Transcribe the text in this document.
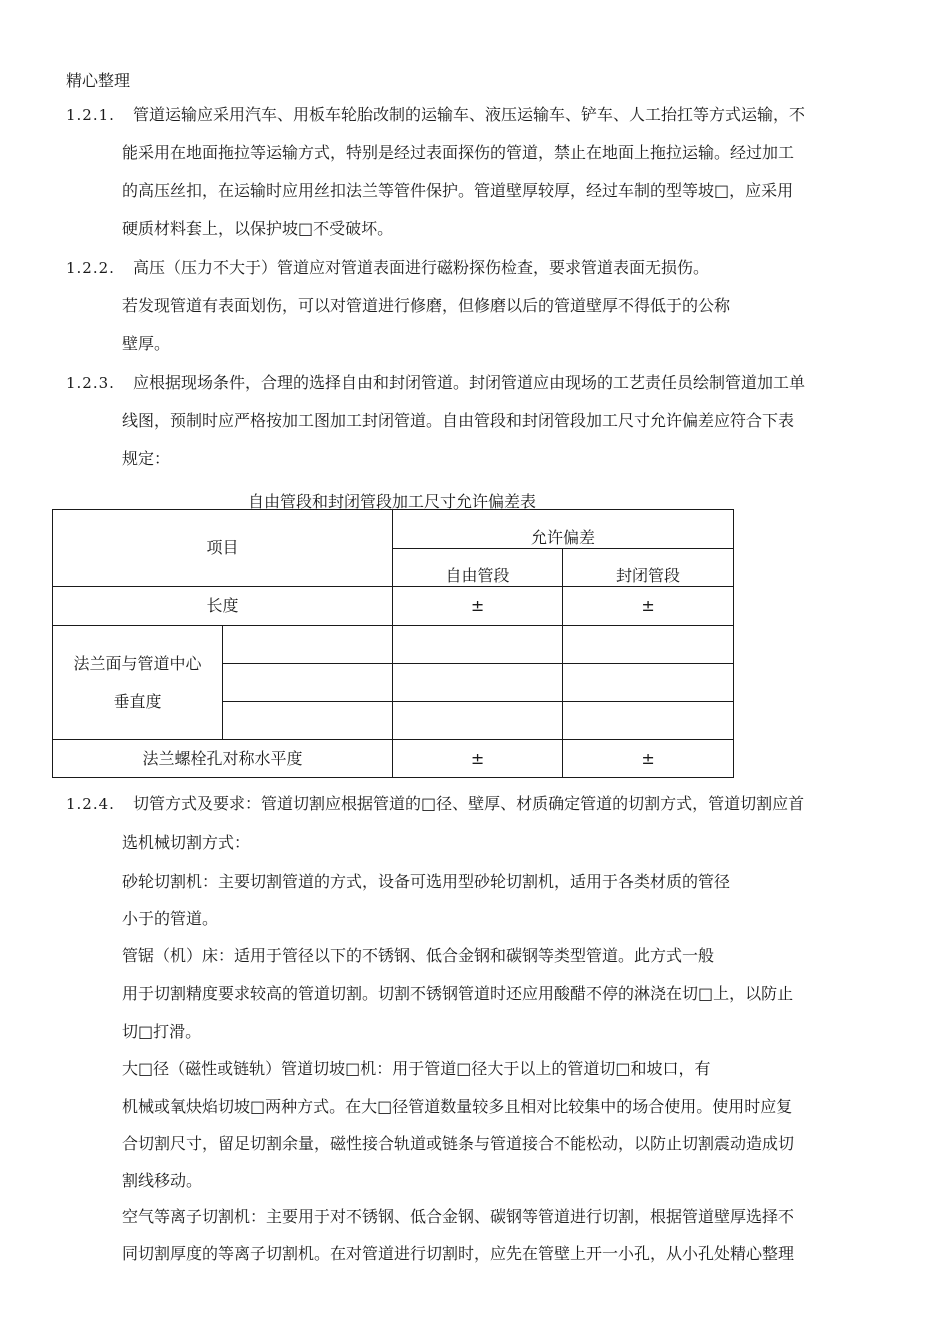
精心整理
1.2.1. 管道运输应采用汽车、用板车轮胎改制的运输车、液压运输车、铲车、人工抬扛等方式运输，不
能采用在地面拖拉等运输方式，特别是经过表面探伤的管道，禁止在地面上拖拉运输。经过加工
的高压丝扣，在运输时应用丝扣法兰等管件保护。管道壁厚较厚，经过车制的型等坡□，应采用
硬质材料套上，以保护坡□不受破坏。
1.2.2. 高压（压力不大于）管道应对管道表面进行磁粉探伤检查，要求管道表面无损伤。
若发现管道有表面划伤，可以对管道进行修磨，但修磨以后的管道壁厚不得低于的公称
壁厚。
1.2.3. 应根据现场条件，合理的选择自由和封闭管道。封闭管道应由现场的工艺责任员绘制管道加工单
线图，预制时应严格按加工图加工封闭管道。自由管段和封闭管段加工尺寸允许偏差应符合下表
规定：
自由管段和封闭管段加工尺寸允许偏差表
项目		允许偏差	
		自由管段	封闭管段
长度		±	±
法兰面与管道中心
垂直度			

法兰螺栓孔对称水平度		±	±
1.2.4. 切管方式及要求：管道切割应根据管道的□径、壁厚、材质确定管道的切割方式，管道切割应首
选机械切割方式：
砂轮切割机：主要切割管道的方式，设备可选用型砂轮切割机，适用于各类材质的管径
小于的管道。
管锯（机）床：适用于管径以下的不锈钢、低合金钢和碳钢等类型管道。此方式一般
用于切割精度要求较高的管道切割。切割不锈钢管道时还应用酸醋不停的淋浇在切□上，以防止
切□打滑。
大□径（磁性或链轨）管道切坡□机：用于管道□径大于以上的管道切□和坡口，有
机械或氧炔焰切坡□两种方式。在大□径管道数量较多且相对比较集中的场合使用。使用时应复
合切割尺寸，留足切割余量，磁性接合轨道或链条与管道接合不能松动，以防止切割震动造成切
割线移动。
空气等离子切割机：主要用于对不锈钢、低合金钢、碳钢等管道进行切割，根据管道壁厚选择不
同切割厚度的等离子切割机。在对管道进行切割时，应先在管壁上开一小孔，从小孔处精心整理
